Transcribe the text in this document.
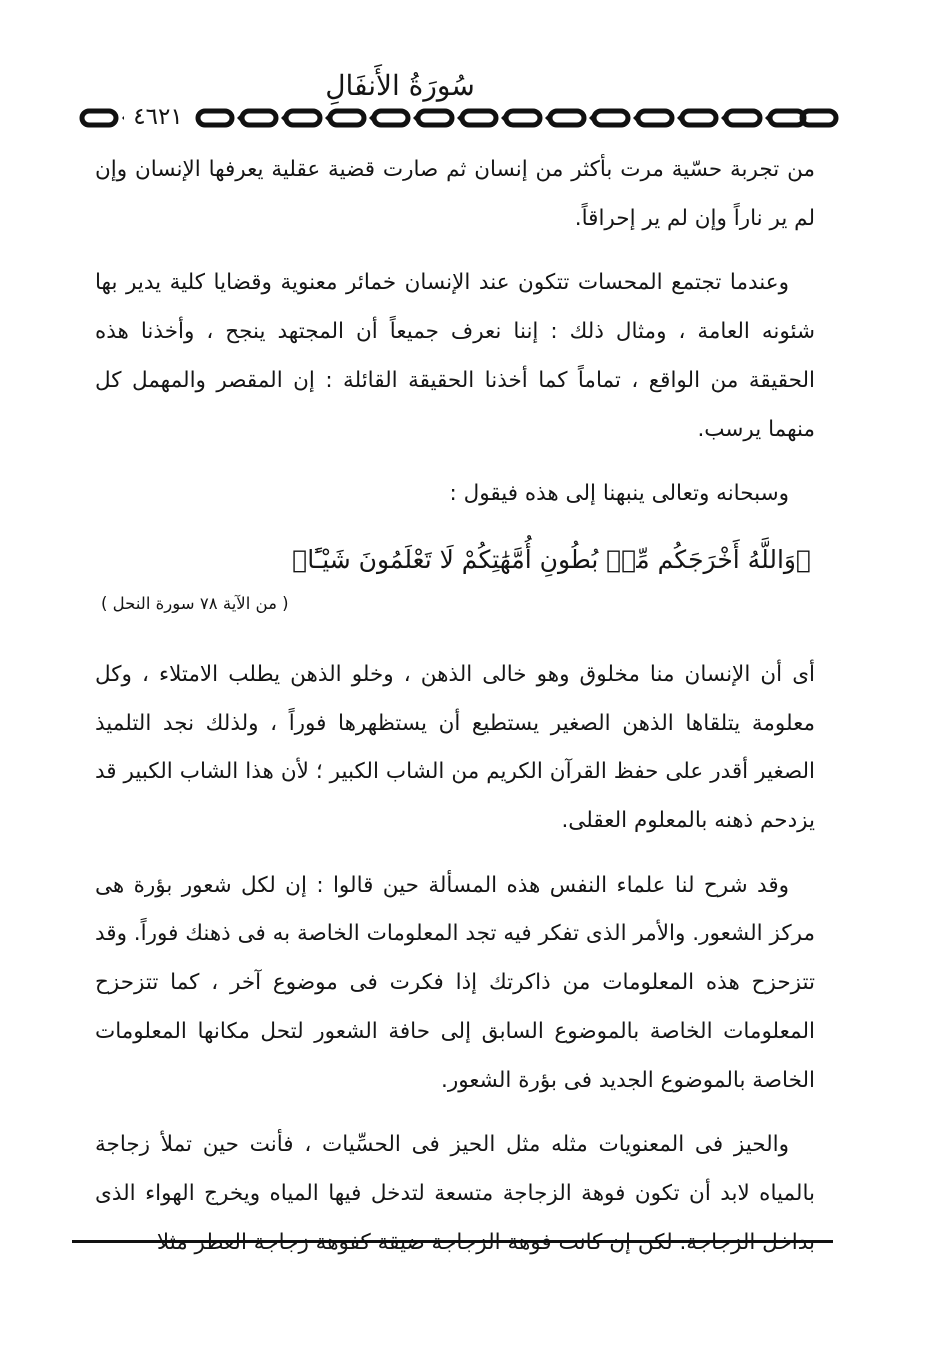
سُورَةُ الأَنفَالِ
٤٦٢١

من تجربة حسّية مرت بأكثر من إنسان ثم صارت قضية عقلية يعرفها الإنسان وإن لم ير ناراً وإن لم ير إحراقاً.

وعندما تجتمع المحسات تتكون عند الإنسان خمائر معنوية وقضايا كلية يدير بها شئونه العامة ، ومثال ذلك : إننا نعرف جميعاً أن المجتهد ينجح ، وأخذنا هذه الحقيقة من الواقع ، تماماً كما أخذنا الحقيقة القائلة : إن المقصر والمهمل كل منهما يرسب.

وسبحانه وتعالى ينبهنا إلى هذه فيقول :

﴿وَاللَّهُ أَخْرَجَكُم مِّنۢ بُطُونِ أُمَّهَٰتِكُمْ لَا تَعْلَمُونَ شَيْـًٔا﴾

( من الآية ٧٨ سورة النحل )

أى أن الإنسان منا مخلوق وهو خالى الذهن ، وخلو الذهن يطلب الامتلاء ، وكل معلومة يتلقاها الذهن الصغير يستطيع أن يستظهرها فوراً ، ولذلك نجد التلميذ الصغير أقدر على حفظ القرآن الكريم من الشاب الكبير ؛ لأن هذا الشاب الكبير قد يزدحم ذهنه بالمعلوم العقلى.

وقد شرح لنا علماء النفس هذه المسألة حين قالوا : إن لكل شعور بؤرة هى مركز الشعور. والأمر الذى تفكر فيه تجد المعلومات الخاصة به فى ذهنك فوراً. وقد تتزحزح هذه المعلومات من ذاكرتك إذا فكرت فى موضوع آخر ، كما تتزحزح المعلومات الخاصة بالموضوع السابق إلى حافة الشعور لتحل مكانها المعلومات الخاصة بالموضوع الجديد فى بؤرة الشعور.

والحيز فى المعنويات مثله مثل الحيز فى الحسِّيات ، فأنت حين تملأ زجاجة بالمياه لابد أن تكون فوهة الزجاجة متسعة لتدخل فيها المياه ويخرج الهواء الذى
